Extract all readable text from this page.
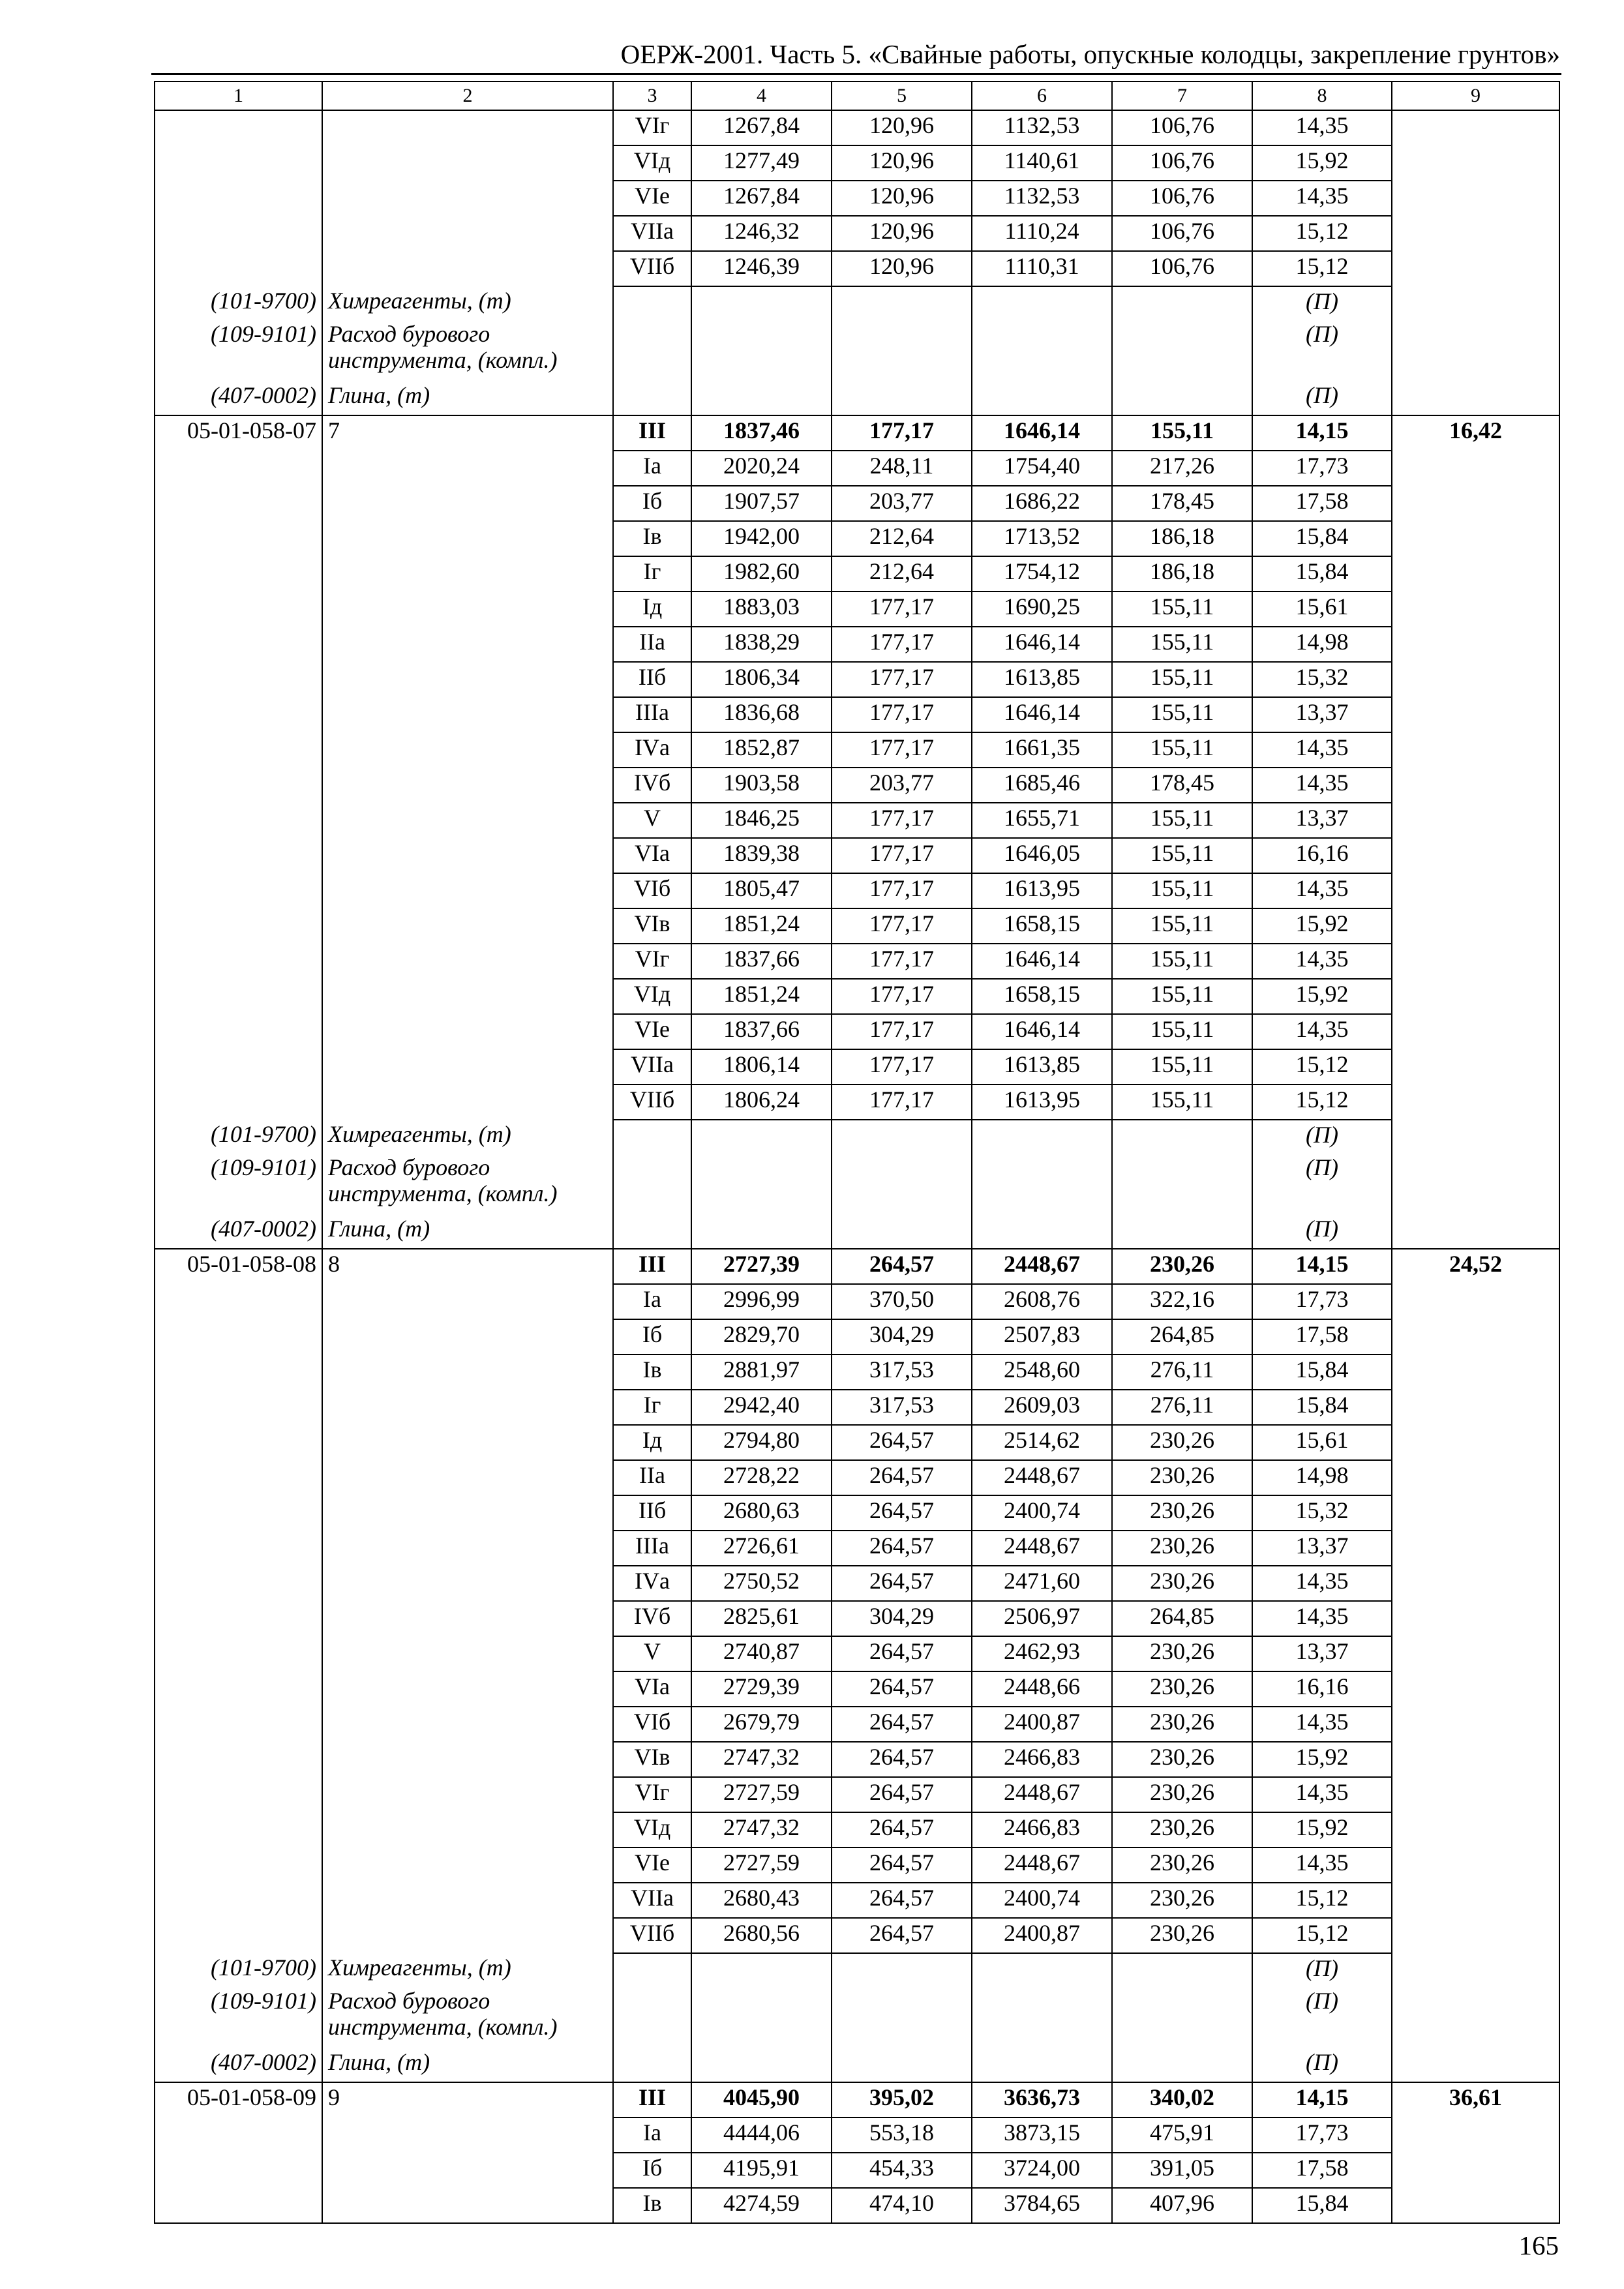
ОЕРЖ-2001. Часть 5. «Свайные работы, опускные колодцы, закрепление грунтов»
1	2	3	4	5	6	7	8	9
		VIг	1267,84	120,96	1132,53	106,76	14,35	
		VIд	1277,49	120,96	1140,61	106,76	15,92	
		VIе	1267,84	120,96	1132,53	106,76	14,35	
		VIIа	1246,32	120,96	1110,24	106,76	15,12	
		VIIб	1246,39	120,96	1110,31	106,76	15,12	
(101-9700)	Химреагенты, (т)						(П)	
(109-9101)	Расход бурового инструмента, (компл.)						(П)	
(407-0002)	Глина, (т)						(П)	
05-01-058-07	7	III	1837,46	177,17	1646,14	155,11	14,15	16,42
		Iа	2020,24	248,11	1754,40	217,26	17,73	
		Iб	1907,57	203,77	1686,22	178,45	17,58	
		Iв	1942,00	212,64	1713,52	186,18	15,84	
		Iг	1982,60	212,64	1754,12	186,18	15,84	
		Iд	1883,03	177,17	1690,25	155,11	15,61	
		IIа	1838,29	177,17	1646,14	155,11	14,98	
		IIб	1806,34	177,17	1613,85	155,11	15,32	
		IIIа	1836,68	177,17	1646,14	155,11	13,37	
		IVа	1852,87	177,17	1661,35	155,11	14,35	
		IVб	1903,58	203,77	1685,46	178,45	14,35	
		V	1846,25	177,17	1655,71	155,11	13,37	
		VIа	1839,38	177,17	1646,05	155,11	16,16	
		VIб	1805,47	177,17	1613,95	155,11	14,35	
		VIв	1851,24	177,17	1658,15	155,11	15,92	
		VIг	1837,66	177,17	1646,14	155,11	14,35	
		VIд	1851,24	177,17	1658,15	155,11	15,92	
		VIе	1837,66	177,17	1646,14	155,11	14,35	
		VIIа	1806,14	177,17	1613,85	155,11	15,12	
		VIIб	1806,24	177,17	1613,95	155,11	15,12	
(101-9700)	Химреагенты, (т)						(П)	
(109-9101)	Расход бурового инструмента, (компл.)						(П)	
(407-0002)	Глина, (т)						(П)	
05-01-058-08	8	III	2727,39	264,57	2448,67	230,26	14,15	24,52
		Iа	2996,99	370,50	2608,76	322,16	17,73	
		Iб	2829,70	304,29	2507,83	264,85	17,58	
		Iв	2881,97	317,53	2548,60	276,11	15,84	
		Iг	2942,40	317,53	2609,03	276,11	15,84	
		Iд	2794,80	264,57	2514,62	230,26	15,61	
		IIа	2728,22	264,57	2448,67	230,26	14,98	
		IIб	2680,63	264,57	2400,74	230,26	15,32	
		IIIа	2726,61	264,57	2448,67	230,26	13,37	
		IVа	2750,52	264,57	2471,60	230,26	14,35	
		IVб	2825,61	304,29	2506,97	264,85	14,35	
		V	2740,87	264,57	2462,93	230,26	13,37	
		VIа	2729,39	264,57	2448,66	230,26	16,16	
		VIб	2679,79	264,57	2400,87	230,26	14,35	
		VIв	2747,32	264,57	2466,83	230,26	15,92	
		VIг	2727,59	264,57	2448,67	230,26	14,35	
		VIд	2747,32	264,57	2466,83	230,26	15,92	
		VIе	2727,59	264,57	2448,67	230,26	14,35	
		VIIа	2680,43	264,57	2400,74	230,26	15,12	
		VIIб	2680,56	264,57	2400,87	230,26	15,12	
(101-9700)	Химреагенты, (т)						(П)	
(109-9101)	Расход бурового инструмента, (компл.)						(П)	
(407-0002)	Глина, (т)						(П)	
05-01-058-09	9	III	4045,90	395,02	3636,73	340,02	14,15	36,61
		Iа	4444,06	553,18	3873,15	475,91	17,73	
		Iб	4195,91	454,33	3724,00	391,05	17,58	
		Iв	4274,59	474,10	3784,65	407,96	15,84	
165
